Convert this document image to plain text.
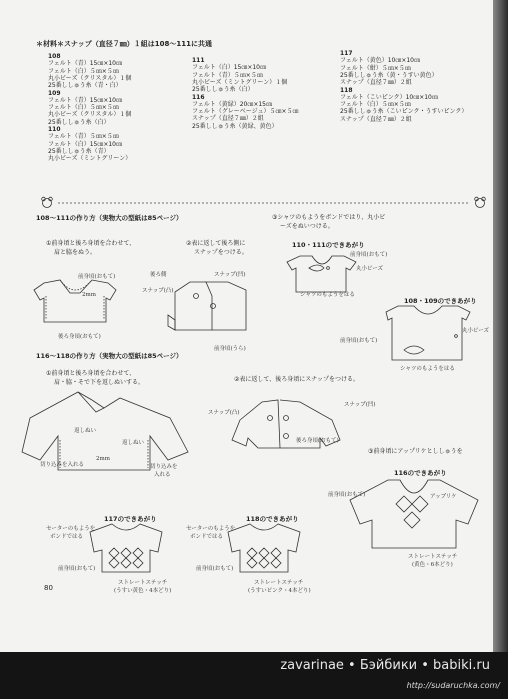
＊材料＊スナップ（直径７㎜）１組は108～111に共通
108
フェルト（青）15㎝×10㎝
フェルト（白）５㎝×５㎝
丸小ビーズ（クリスタル）１個
25番ししゅう糸（青・白）
109
フェルト（青）15㎝×10㎝
フェルト（白）５㎝×５㎝
丸小ビーズ（クリスタル）１個
25番ししゅう糸（白）
110
フェルト（青）５㎝×５㎝
フェルト（白）15㎝×10㎝
25番ししゅう糸（青）
丸小ビーズ（ミントグリーン）
111
フェルト（白）15㎝×10㎝
フェルト（青）５㎝×５㎝
丸小ビーズ（ミントグリーン）１個
25番ししゅう糸（白）
116
フェルト（黄緑）20㎝×15㎝
フェルト（グレーベージュ）５㎝×５㎝
スナップ（直径７㎜）２組
25番ししゅう糸（黄緑、黄色）
117
フェルト（黄色）10㎝×10㎝
フェルト（紺）５㎝×５㎝
25番ししゅう糸（黄・うすい黄色）
スナップ（直径７㎜）２組
118
フェルト（こいピンク）10㎝×10㎝
フェルト（白）５㎝×５㎝
25番ししゅう糸（こいピンク・うすいピンク）
スナップ（直径７㎜）２組
108～111の作り方（実物大の型紙は85ページ）
①前身頃と後ろ身頃を合わせて、
肩と脇をぬう。
②表に返して後ろ側に
スナップをつける。
③シャツのもようをボンドではり、丸小ビ
ーズをぬいつける。
前身頃(おもて)
後ろ身頃(おもて)
2mm
後ろ側
スナップ(凸)
スナップ(凹)
前身頃(うら)
110・111のできあがり
前身頃(おもて)
丸小ビーズ
シャツのもようをはる
108・109のできあがり
前身頃(おもて)
丸小ビーズ
シャツのもようをはる
116～118の作り方（実物大の型紙は85ページ）
①前身頃と後ろ身頃を合わせて、
肩・脇・そで下を返しぬいする。	②表に返して、後ろ身頃にスナップをつける。
③前身頃にアップリケとししゅうを
返しぬい
返しぬい
2mm
切り込みを入れる	切り込みを
入れる
スナップ(凸)
スナップ(凹)
後ろ身頃(おもて)
116のできあがり
前身頃(おもて)	アップリケ
ストレートステッチ
(黄色・6本どり)
117のできあがり
セーターのもようを
ボンドではる
前身頃(おもて)
ストレートステッチ
(うすい黄色・4本どり)
118のできあがり
セーターのもようを
ボンドではる
前身頃(おもて)
ストレートステッチ
(うすいピンク・4本どり)
80
zavarinae • Бэйбики • babiki.ru
http://sudaruchka.com/
